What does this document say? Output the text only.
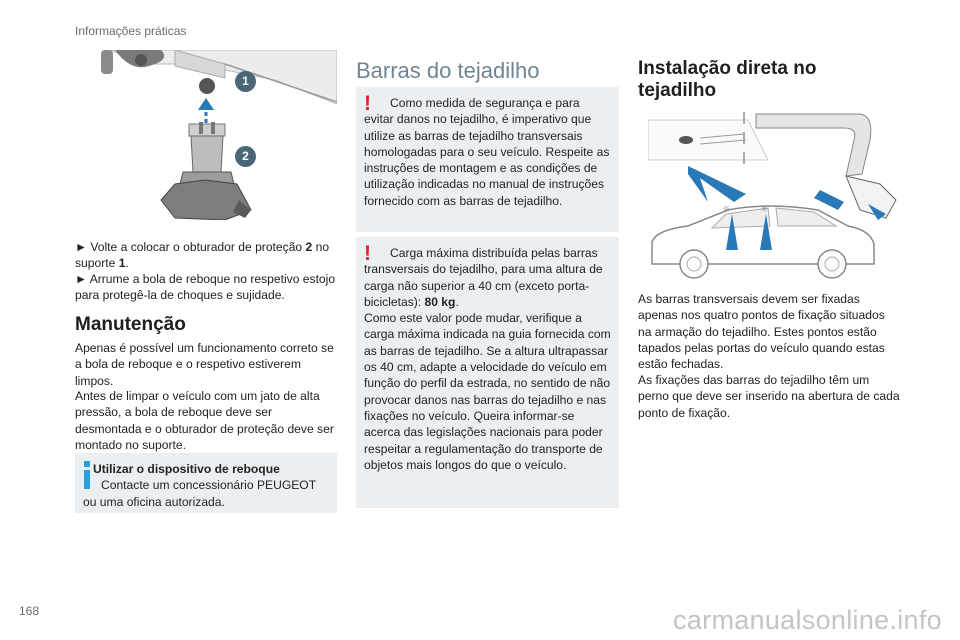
Informações práticas
1
2

► Volte a colocar o obturador de proteção 2 no suporte 1.

► Arrume a bola de reboque no respetivo estojo para protegê-la de choques e sujidade.

Manutenção

Apenas é possível um funcionamento correto se a bola de reboque e o respetivo estiverem limpos.

Antes de limpar o veículo com um jato de alta pressão, a bola de reboque deve ser desmontada e o obturador de proteção deve ser montado no suporte.

Utilizar o dispositivo de reboque
Contacte um concessionário PEUGEOT ou uma oficina autorizada.
Barras do tejadilho
!	Como medida de segurança e para evitar danos no tejadilho, é imperativo que utilize as barras de tejadilho transversais homologadas para o seu veículo. Respeite as instruções de montagem e as condições de utilização indicadas no manual de instruções fornecido com as barras de tejadilho.
!	Carga máxima distribuída pelas barras transversais do tejadilho, para uma altura de carga não superior a 40 cm (exceto porta-bicicletas): 80 kg.
Como este valor pode mudar, verifique a carga máxima indicada na guia fornecida com as barras de tejadilho. Se a altura ultrapassar os 40 cm, adapte a velocidade do veículo em função do perfil da estrada, no sentido de não provocar danos nas barras do tejadilho e nas fixações no veículo. Queira informar-se acerca das legislações nacionais para poder respeitar a regulamentação do transporte de objetos mais longos do que o veículo.
Instalação direta no tejadilho
☼	☼

As barras transversais devem ser fixadas apenas nos quatro pontos de fixação situados na armação do tejadilho. Estes pontos estão tapados pelas portas do veículo quando estas estão fechadas.

As fixações das barras do tejadilho têm um perno que deve ser inserido na abertura de cada ponto de fixação.

168	carmanualsonline.info
